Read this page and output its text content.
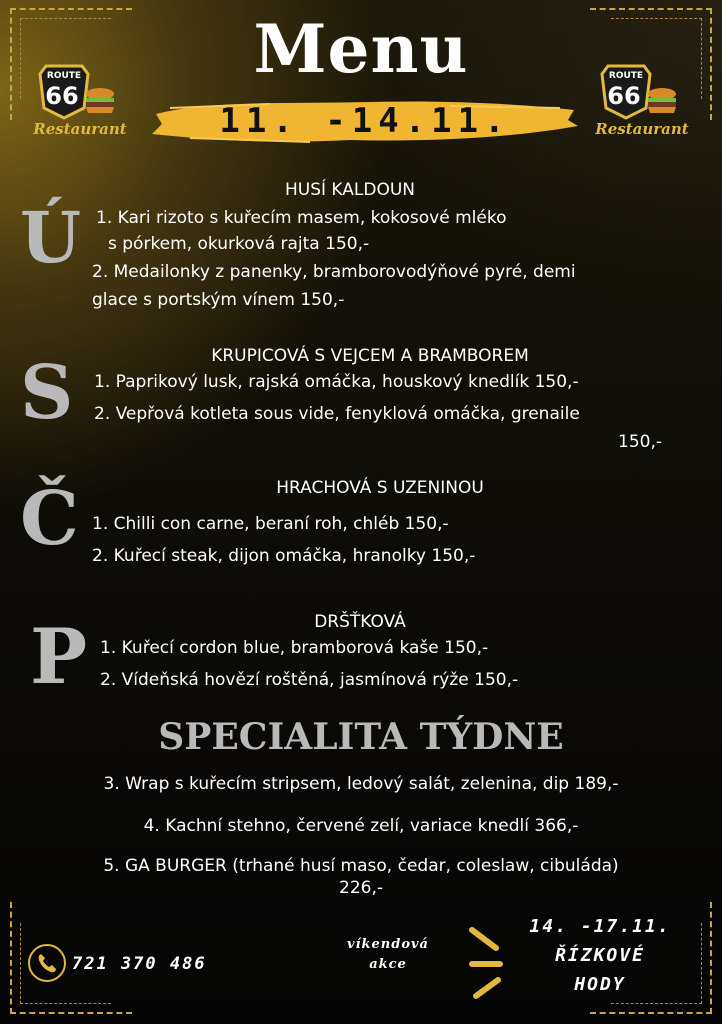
Menu
ROUTE
66
Restaurant
ROUTE
66
Restaurant
11. -14.11.
Ú
HUSÍ KALDOUN
1. Kari rizoto s kuřecím masem, kokosové mléko
s pórkem, okurková rajta 150,-
2. Medailonky z panenky, bramborovodýňové pyré, demi
glace s portským vínem 150,-
S	KRUPICOVÁ S VEJCEM A BRAMBOREM
1. Paprikový lusk, rajská omáčka, houskový knedlík 150,-
2. Vepřová kotleta sous vide, fenyklová omáčka, grenaile
150,-
Č	HRACHOVÁ S UZENINOU
1. Chilli con carne, beraní roh, chléb 150,-
2. Kuřecí steak, dijon omáčka, hranolky 150,-
P	DRŠŤKOVÁ
1. Kuřecí cordon blue, bramborová kaše 150,-
2. Vídeňská hovězí roštěná, jasmínová rýže 150,-
SPECIALITA TÝDNE
3. Wrap s kuřecím stripsem, ledový salát, zelenina, dip 189,-
4. Kachní stehno, červené zelí, variace knedlí 366,-
5. GA BURGER (trhané husí maso, čedar, coleslaw, cibuláda)
226,-
721 370 486
víkendová
akce
14. -17.11.
ŘÍZKOVÉ
HODY
